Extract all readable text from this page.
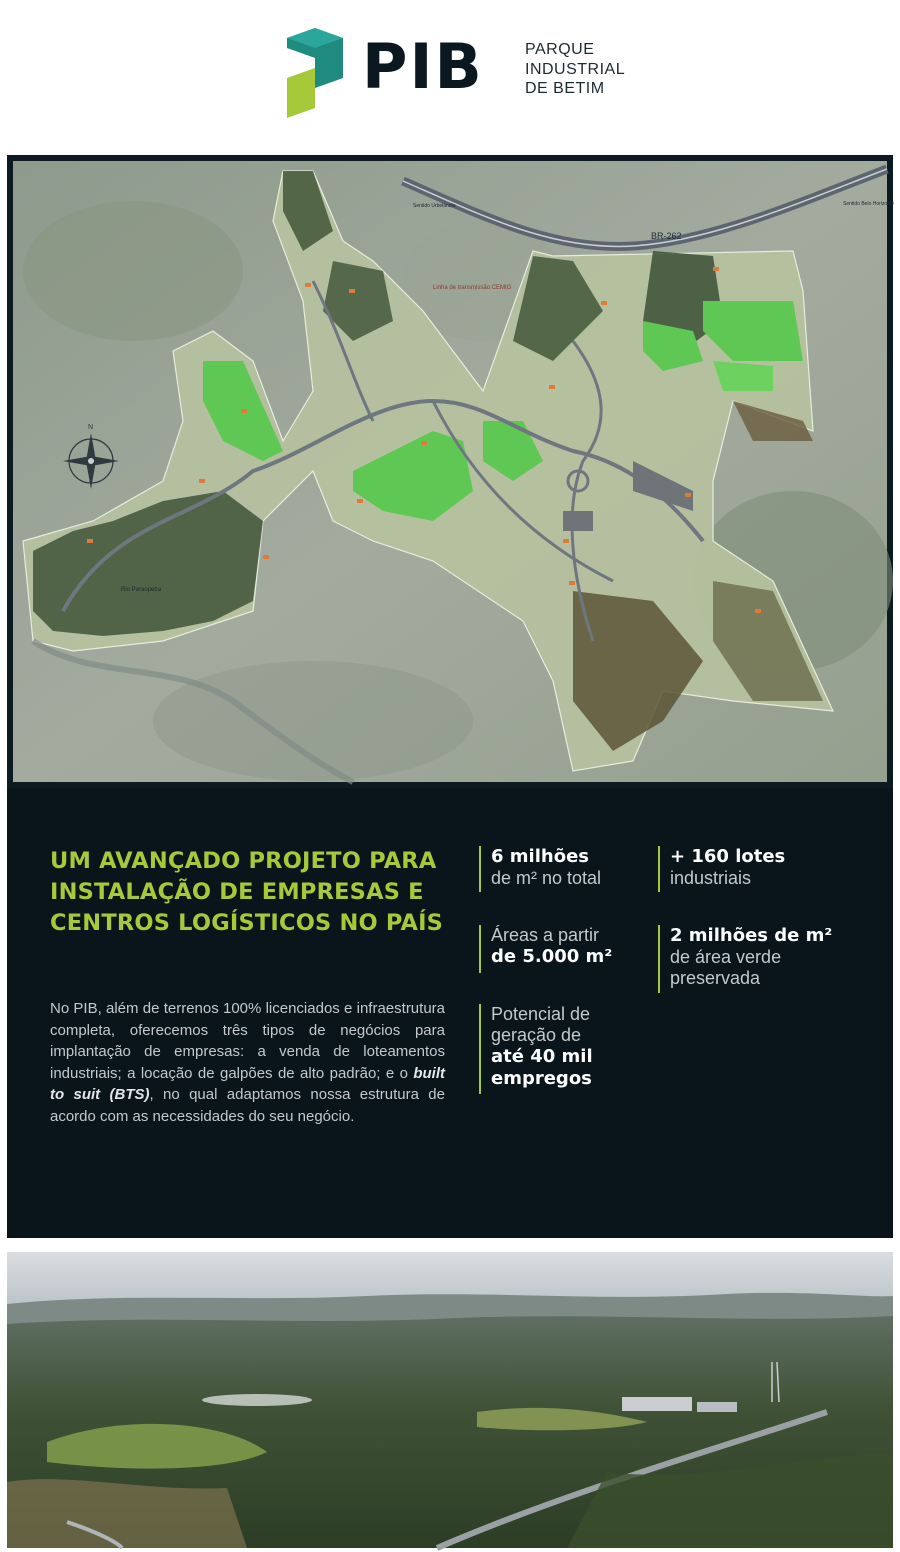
PIB	PARQUE
INDUSTRIAL
DE BETIM
BR-262
Linha de transmissão CEMIG
Sentido Urbelândia	Sentido Belo Horizonte
Rio Paraopeba
N
UM AVANÇADO PROJETO PARA INSTALAÇÃO DE EMPRESAS E CENTROS LOGÍSTICOS NO PAÍS

No PIB, além de terrenos 100% licenciados e infraestrutura completa, oferecemos três tipos de negócios para implantação de empresas: a venda de loteamentos industriais; a locação de galpões de alto padrão; e o built to suit (BTS), no qual adaptamos nossa estrutura de acordo com as necessidades do seu negócio.

6 milhões
de m² no total
+ 160 lotes
industriais
Áreas a partir
de 5.000 m²
2 milhões de m²
de área verde
preservada
Potencial de
geração de
até 40 mil
empregos
